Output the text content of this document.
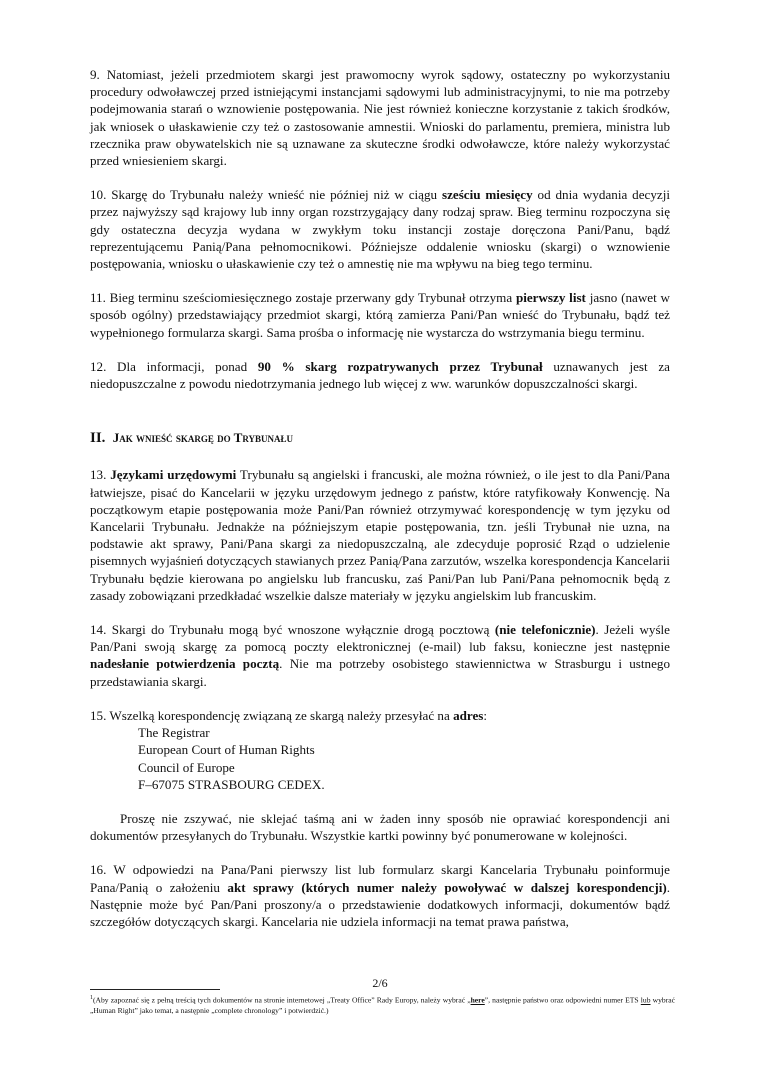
9. Natomiast, jeżeli przedmiotem skargi jest prawomocny wyrok sądowy, ostateczny po wykorzystaniu procedury odwoławczej przed istniejącymi instancjami sądowymi lub administracyjnymi, to nie ma potrzeby podejmowania starań o wznowienie postępowania. Nie jest również konieczne korzystanie z takich środków, jak wniosek o ułaskawienie czy też o zastosowanie amnestii. Wnioski do parlamentu, premiera, ministra lub rzecznika praw obywatelskich nie są uznawane za skuteczne środki odwoławcze, które należy wykorzystać przed wniesieniem skargi.

10. Skargę do Trybunału należy wnieść nie później niż w ciągu sześciu miesięcy od dnia wydania decyzji przez najwyższy sąd krajowy lub inny organ rozstrzygający dany rodzaj spraw. Bieg terminu rozpoczyna się gdy ostateczna decyzja wydana w zwykłym toku instancji zostaje doręczona Pani/Panu, bądź reprezentującemu Panią/Pana pełnomocnikowi. Późniejsze oddalenie wniosku (skargi) o wznowienie postępowania, wniosku o ułaskawienie czy też o amnestię nie ma wpływu na bieg tego terminu.

11. Bieg terminu sześciomiesięcznego zostaje przerwany gdy Trybunał otrzyma pierwszy list jasno (nawet w sposób ogólny) przedstawiający przedmiot skargi, którą zamierza Pani/Pan wnieść do Trybunału, bądź też wypełnionego formularza skargi. Sama prośba o informację nie wystarcza do wstrzymania biegu terminu.

12. Dla informacji, ponad 90 % skarg rozpatrywanych przez Trybunał uznawanych jest za niedopuszczalne z powodu niedotrzymania jednego lub więcej z ww. warunków dopuszczalności skargi.

II. Jak wnieść skargę do Trybunału

13. Językami urzędowymi Trybunału są angielski i francuski, ale można również, o ile jest to dla Pani/Pana łatwiejsze, pisać do Kancelarii w języku urzędowym jednego z państw, które ratyfikowały Konwencję. Na początkowym etapie postępowania może Pani/Pan również otrzymywać korespondencję w tym języku od Kancelarii Trybunału. Jednakże na późniejszym etapie postępowania, tzn. jeśli Trybunał nie uzna, na podstawie akt sprawy, Pani/Pana skargi za niedopuszczalną, ale zdecyduje poprosić Rząd o udzielenie pisemnych wyjaśnień dotyczących stawianych przez Panią/Pana zarzutów, wszelka korespondencja Kancelarii Trybunału będzie kierowana po angielsku lub francusku, zaś Pani/Pan lub Pani/Pana pełnomocnik będą z zasady zobowiązani przedkładać wszelkie dalsze materiały w języku angielskim lub francuskim.

14. Skargi do Trybunału mogą być wnoszone wyłącznie drogą pocztową (nie telefonicznie). Jeżeli wyśle Pan/Pani swoją skargę za pomocą poczty elektronicznej (e-mail) lub faksu, konieczne jest następnie nadesłanie potwierdzenia pocztą. Nie ma potrzeby osobistego stawiennictwa w Strasburgu i ustnego przedstawiania skargi.

15. Wszelką korespondencję związaną ze skargą należy przesyłać na adres:

The Registrar
European Court of Human Rights
Council of Europe
F–67075 STRASBOURG CEDEX.

Proszę nie zszywać, nie sklejać taśmą ani w żaden inny sposób nie oprawiać korespondencji ani dokumentów przesyłanych do Trybunału. Wszystkie kartki powinny być ponumerowane w kolejności.

16. W odpowiedzi na Pana/Pani pierwszy list lub formularz skargi Kancelaria Trybunału poinformuje Pana/Panią o założeniu akt sprawy (których numer należy powoływać w dalszej korespondencji). Następnie może być Pan/Pani proszony/a o przedstawienie dodatkowych informacji, dokumentów bądź szczegółów dotyczących skargi. Kancelaria nie udziela informacji na temat prawa państwa,

2/6
$^1$(Aby zapoznać się z pełną treścią tych dokumentów na stronie internetowej „Treaty Office” Rady Europy, należy wybrać „here”, następnie państwo oraz odpowiedni numer ETS lub wybrać „Human Right” jako temat, a następnie „complete chronology” i potwierdzić.)
